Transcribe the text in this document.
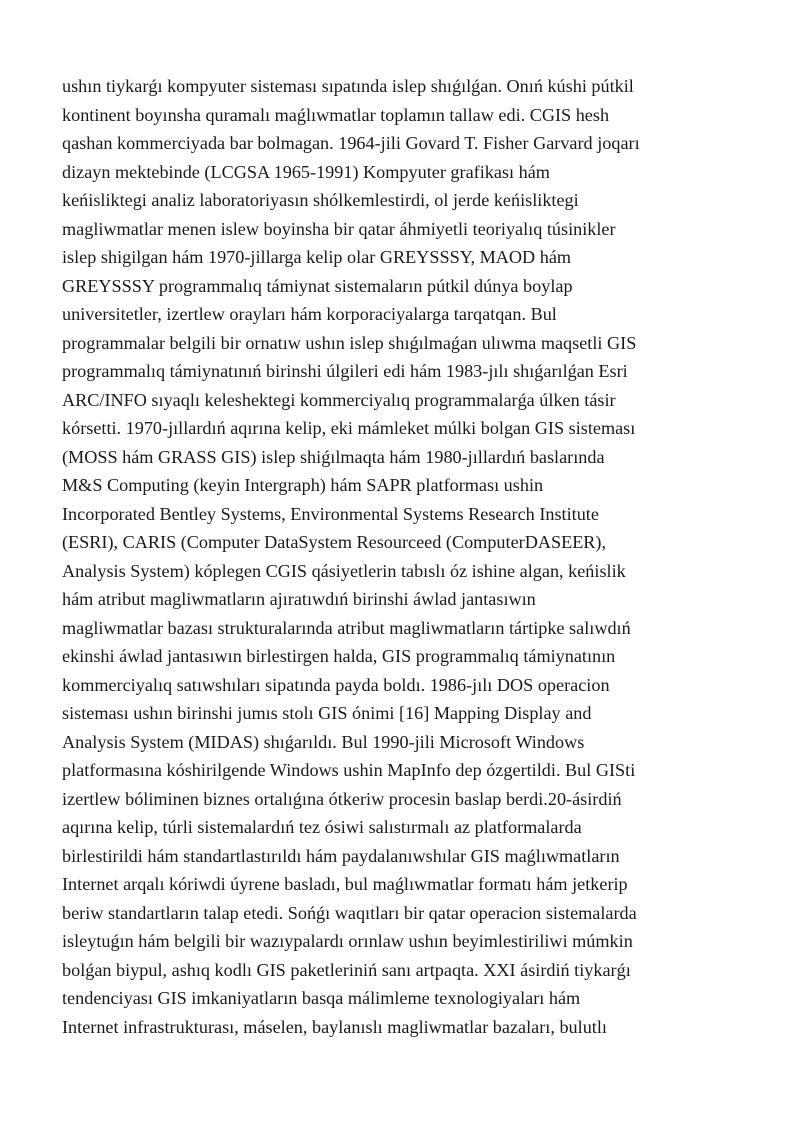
ushın tiykarǵı kompyuter sisteması sıpatında islep shıǵılǵan. Onıń kúshi pútkil
kontinent boyınsha quramalı maǵlıwmatlar toplamın tallaw edi. CGIS hesh
qashan kommerciyada bar bolmagan. 1964-jili Govard T. Fisher Garvard joqarı
dizayn mektebinde (LCGSA 1965-1991) Kompyuter grafikası hám
keńisliktegi analiz laboratoriyasın shólkemlestirdi, ol jerde keńisliktegi
magliwmatlar menen islew boyinsha bir qatar áhmiyetli teoriyalıq túsinikler
islep shigilgan hám 1970-jillarga kelip olar GREYSSSY, MAOD hám
GREYSSSY programmalıq támiynat sistemaların pútkil dúnya boylap
universitetler, izertlew orayları hám korporaciyalarga tarqatqan. Bul
programmalar belgili bir ornatıw ushın islep shıǵılmaǵan ulıwma maqsetli GIS
programmalıq támiynatınıń birinshi úlgileri edi hám 1983-jılı shıǵarılǵan Esri
ARC/INFO sıyaqlı keleshektegi kommerciyalıq programmalarǵa úlken tásir
kórsetti. 1970-jıllardıń aqırına kelip, eki mámleket múlki bolgan GIS sisteması
(MOSS hám GRASS GIS) islep shiǵılmaqta hám 1980-jıllardıń baslarında
M&S Computing (keyin Intergraph) hám SAPR platforması ushin
Incorporated Bentley Systems, Environmental Systems Research Institute
(ESRI), CARIS (Computer DataSystem Resourceed (ComputerDASEER),
Analysis System) kóplegen CGIS qásiyetlerin tabıslı óz ishine algan, keńislik
hám atribut magliwmatların ajıratıwdıń birinshi áwlad jantasıwın
magliwmatlar bazası strukturalarında atribut magliwmatların tártipke salıwdıń
ekinshi áwlad jantasıwın birlestirgen halda, GIS programmalıq támiynatının
kommerciyalıq satıwshıları sipatında payda boldı. 1986-jılı DOS operacion
sisteması ushın birinshi jumıs stolı GIS ónimi [16] Mapping Display and
Analysis System (MIDAS) shıǵarıldı. Bul 1990-jili Microsoft Windows
platformasına kóshirilgende Windows ushin MapInfo dep ózgertildi. Bul GISti
izertlew bóliminen biznes ortalıǵına ótkeriw procesin baslap berdi.20-ásirdiń
aqırına kelip, túrli sistemalardıń tez ósiwi salıstırmalı az platformalarda
birlestirildi hám standartlastırıldı hám paydalanıwshılar GIS maǵlıwmatların
Internet arqalı kóriwdi úyrene basladı, bul maǵlıwmatlar formatı hám jetkerip
beriw standartların talap etedi. Sońǵı waqıtları bir qatar operacion sistemalarda
isleytuǵın hám belgili bir wazıypalardı orınlaw ushın beyimlestiriliwi múmkin
bolǵan biypul, ashıq kodlı GIS paketleriniń sanı artpaqta. XXI ásirdiń tiykarǵı
tendenciyası GIS imkaniyatların basqa málimleme texnologiyaları hám
Internet infrastrukturası, máselen, baylanıslı magliwmatlar bazaları, bulutlı
